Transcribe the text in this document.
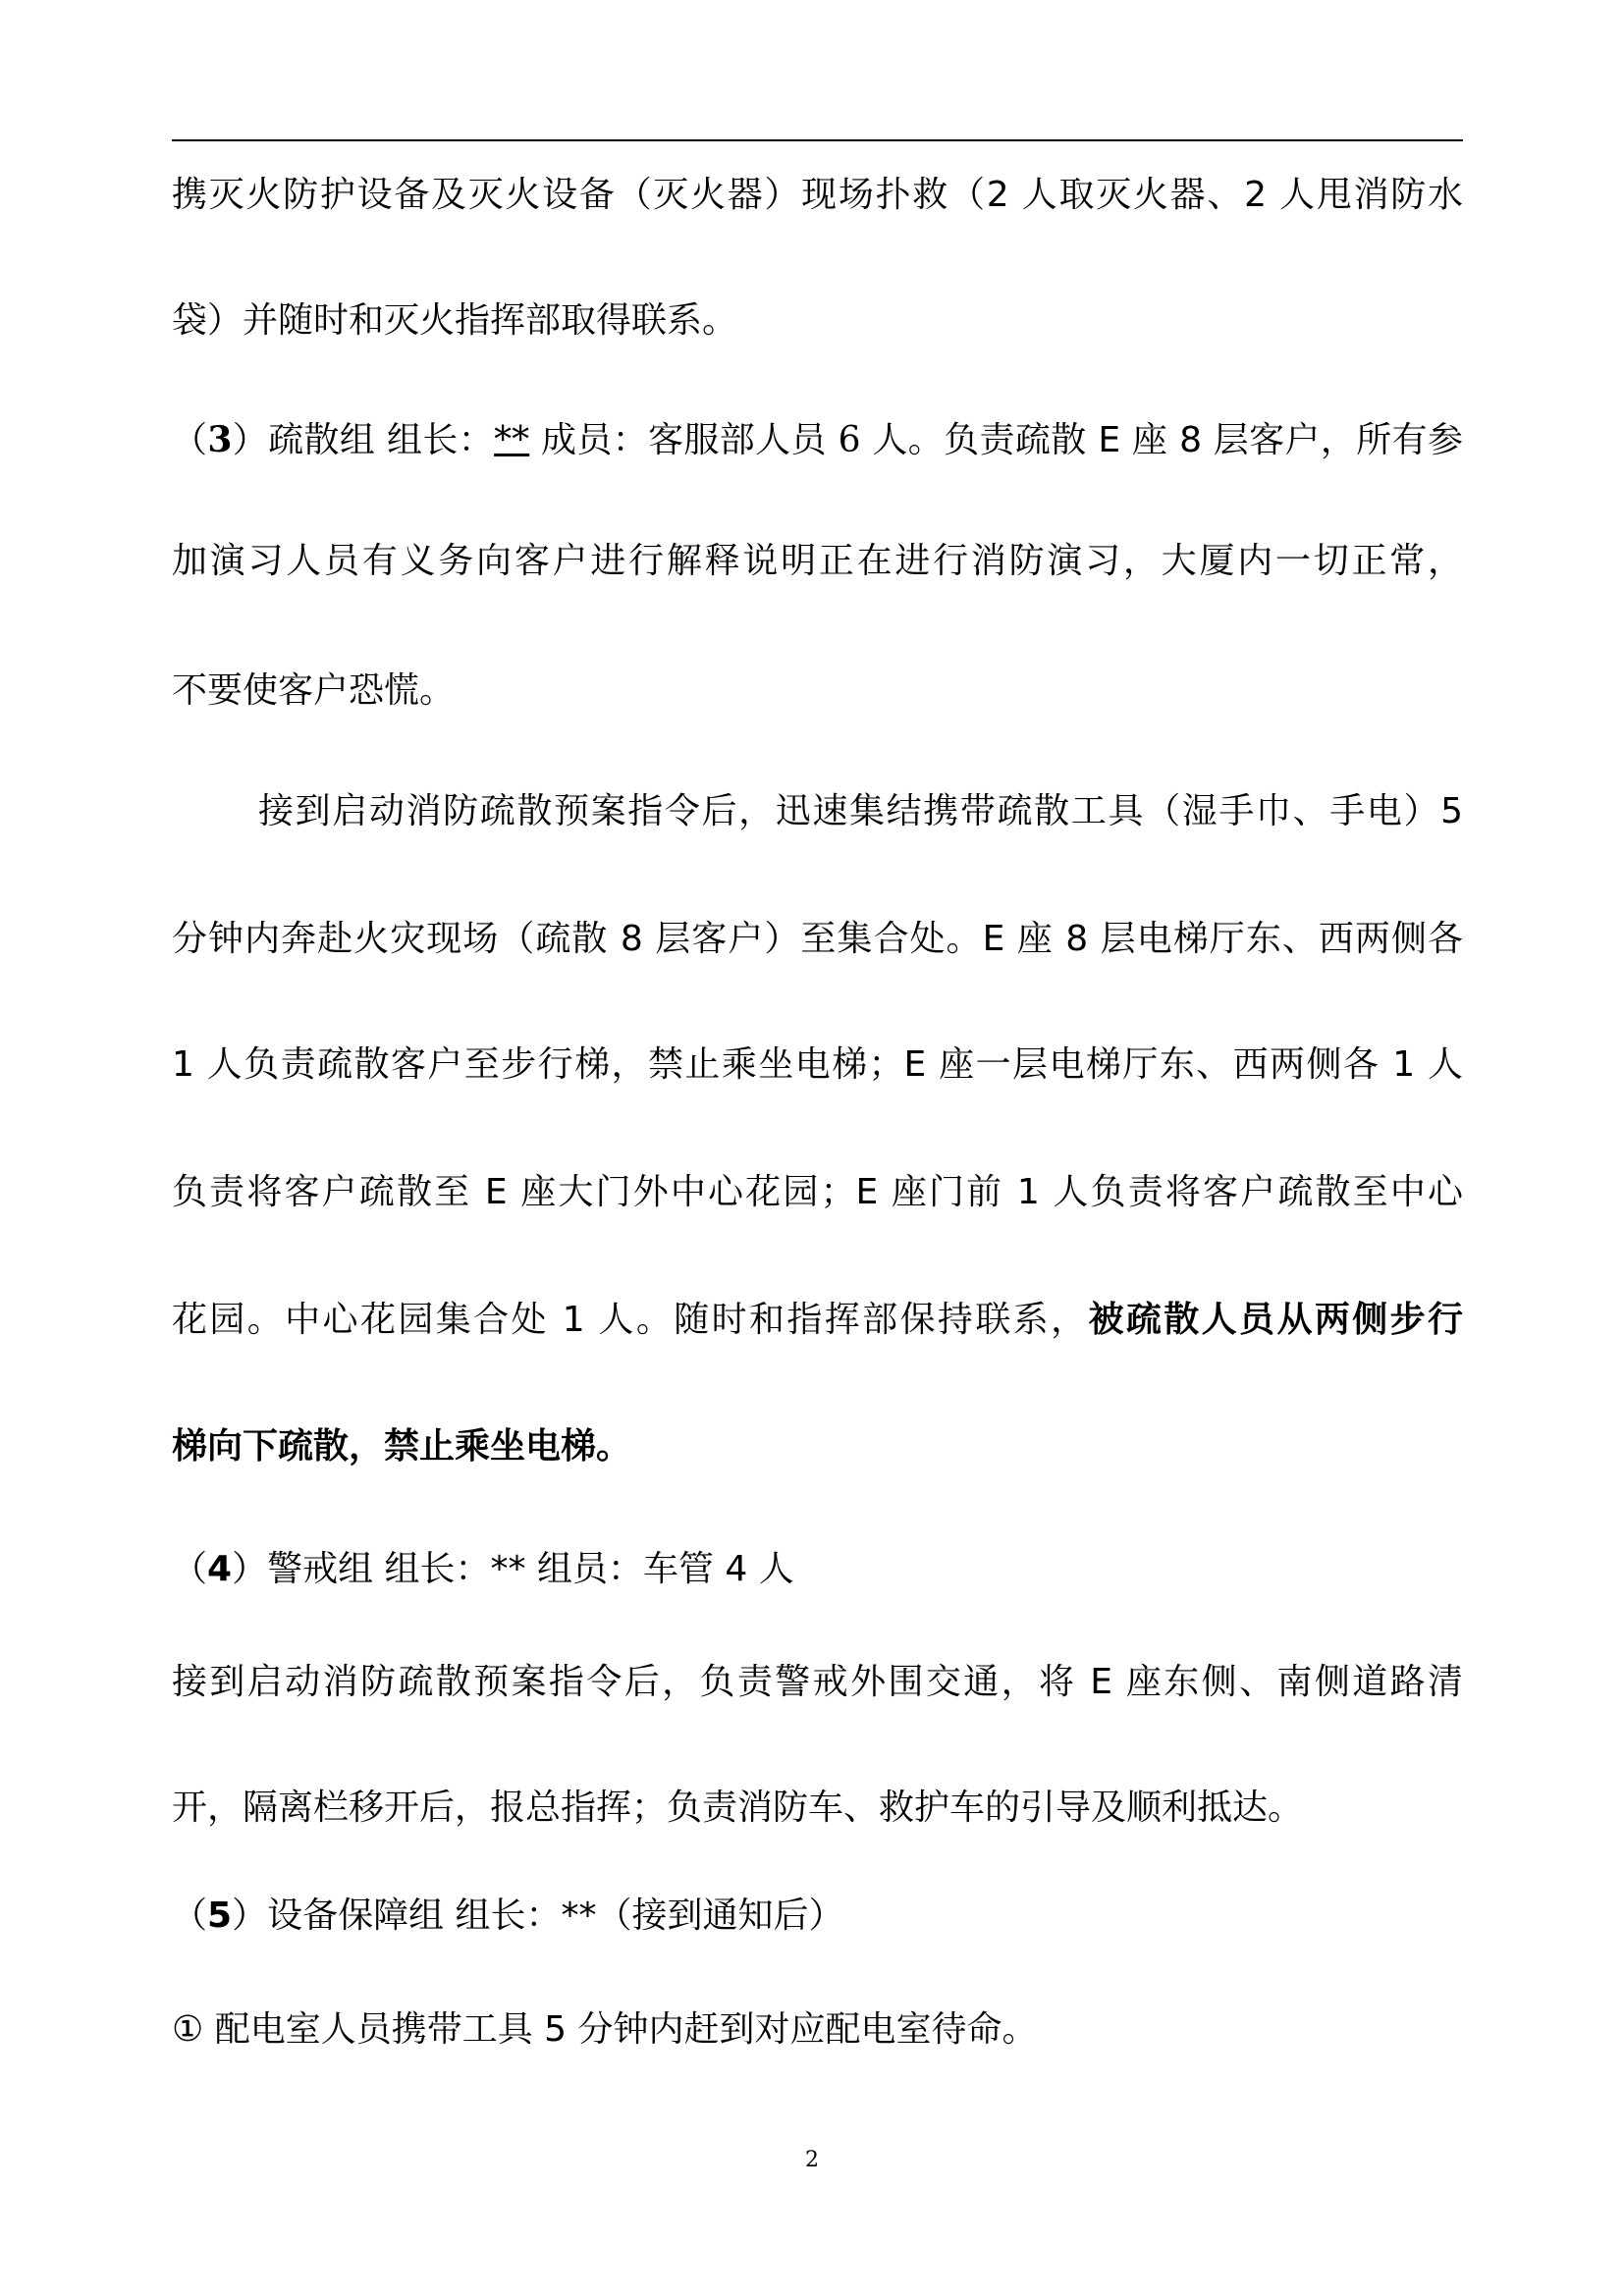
携灭火防护设备及灭火设备（灭火器）现场扑救（2 人取灭火器、2 人甩消防水
袋）并随时和灭火指挥部取得联系。
（3）疏散组 组长：** 成员：客服部人员 6 人。负责疏散 E 座 8 层客户，所有参
加演习人员有义务向客户进行解释说明正在进行消防演习，大厦内一切正常，
不要使客户恐慌。
接到启动消防疏散预案指令后，迅速集结携带疏散工具（湿手巾、手电）5
分钟内奔赴火灾现场（疏散 8 层客户）至集合处。E 座 8 层电梯厅东、西两侧各
1 人负责疏散客户至步行梯，禁止乘坐电梯；E 座一层电梯厅东、西两侧各 1 人
负责将客户疏散至 E 座大门外中心花园；E 座门前 1 人负责将客户疏散至中心
花园。中心花园集合处 1 人。随时和指挥部保持联系，被疏散人员从两侧步行
梯向下疏散，禁止乘坐电梯。
（4）警戒组 组长：** 组员：车管 4 人
接到启动消防疏散预案指令后，负责警戒外围交通，将 E 座东侧、南侧道路清
开，隔离栏移开后，报总指挥；负责消防车、救护车的引导及顺利抵达。
（5）设备保障组 组长：**（接到通知后）
① 配电室人员携带工具 5 分钟内赶到对应配电室待命。
2
